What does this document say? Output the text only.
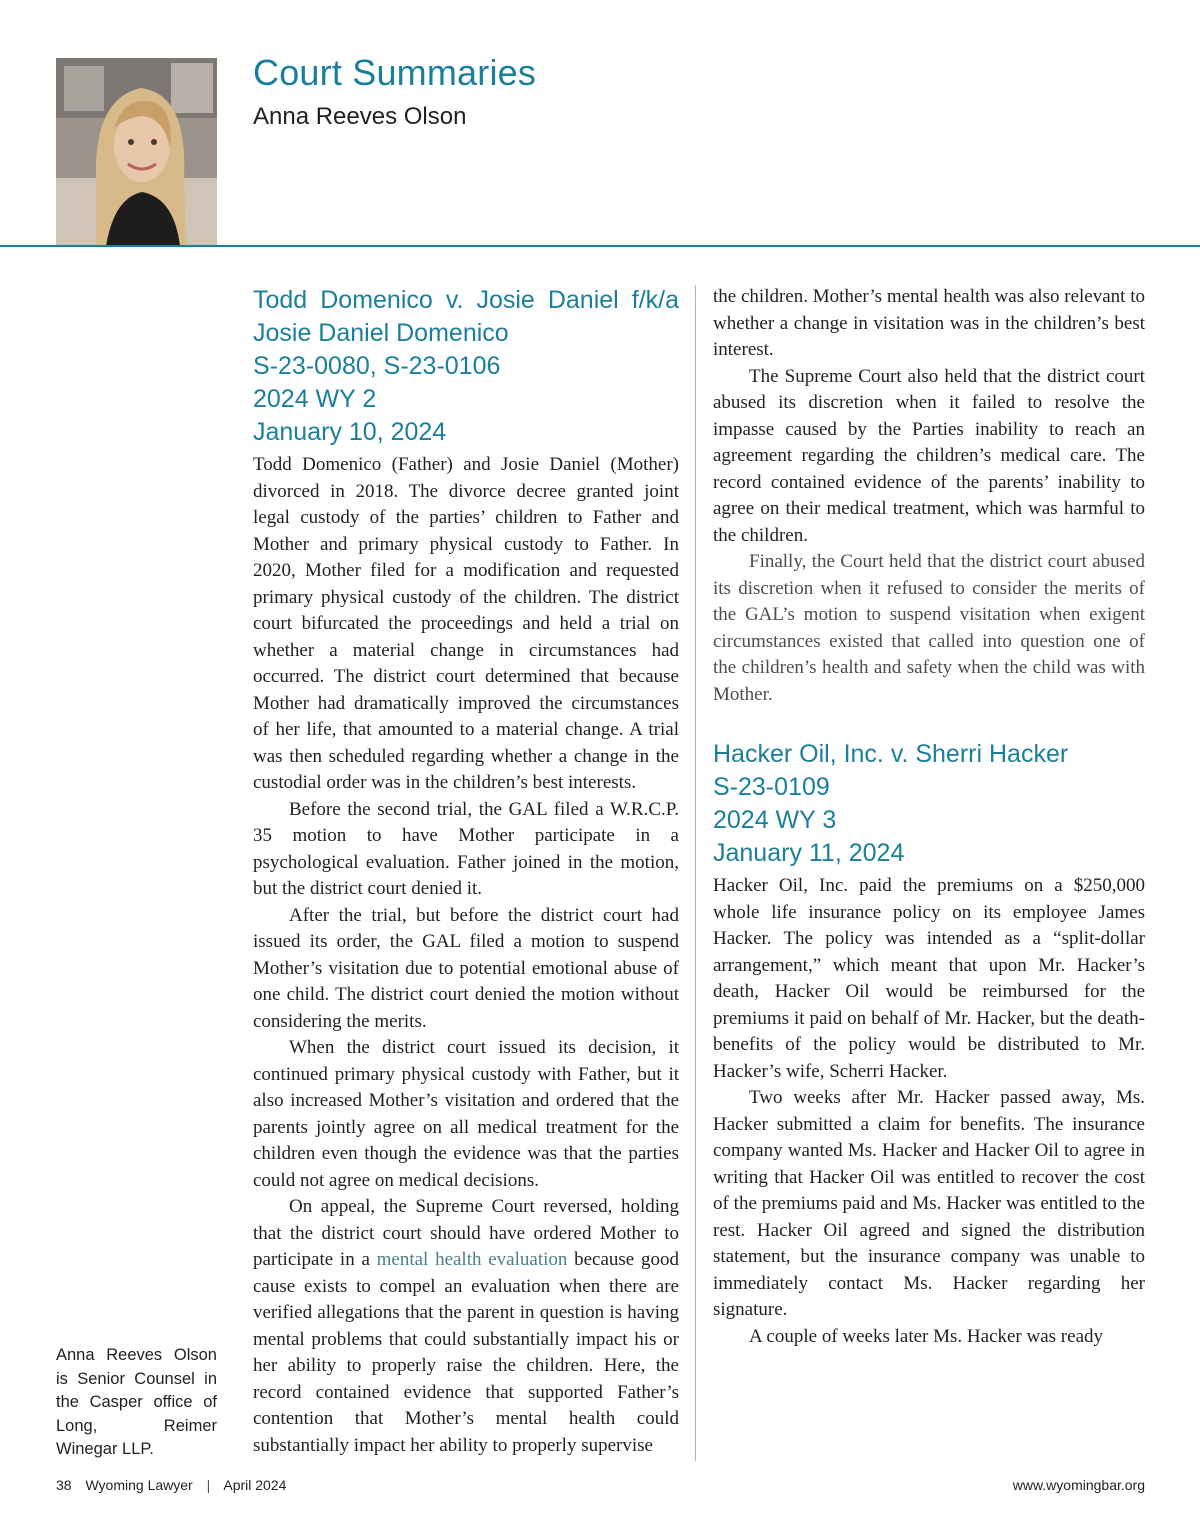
Court Summaries
Anna Reeves Olson
Todd Domenico v. Josie Daniel f/k/a
Josie Daniel Domenico
S-23-0080, S-23-0106
2024 WY 2
January 10, 2024

Todd Domenico (Father) and Josie Daniel (Mother) divorced in 2018. The divorce decree granted joint legal custody of the parties’ children to Father and Mother and primary physical custody to Father. In 2020, Mother filed for a modification and requested primary physical custody of the children. The district court bifurcated the proceedings and held a trial on whether a material change in circumstances had occurred. The district court determined that because Mother had dramatically improved the circumstances of her life, that amounted to a material change. A trial was then scheduled regarding whether a change in the custodial order was in the children’s best interests.

Before the second trial, the GAL filed a W.R.C.P. 35 motion to have Mother participate in a psychological evaluation. Father joined in the motion, but the district court denied it.

After the trial, but before the district court had issued its order, the GAL filed a motion to suspend Mother’s visitation due to potential emotional abuse of one child. The district court denied the motion without considering the merits.

When the district court issued its decision, it continued primary physical custody with Father, but it also increased Mother’s visitation and ordered that the parents jointly agree on all medical treatment for the children even though the evidence was that the parties could not agree on medical decisions.

On appeal, the Supreme Court reversed, holding that the district court should have ordered Mother to participate in a mental health evaluation because good cause exists to compel an evaluation when there are verified allegations that the parent in question is having mental problems that could substantially impact his or her ability to properly raise the children. Here, the record contained evidence that supported Father’s contention that Mother’s mental health could substantially impact her ability to properly supervise

the children. Mother’s mental health was also relevant to whether a change in visitation was in the children’s best interest.

The Supreme Court also held that the district court abused its discretion when it failed to resolve the impasse caused by the Parties inability to reach an agreement regarding the children’s medical care. The record contained evidence of the parents’ inability to agree on their medical treatment, which was harmful to the children.

Finally, the Court held that the district court abused its discretion when it refused to consider the merits of the GAL’s motion to suspend visitation when exigent circumstances existed that called into question one of the children’s health and safety when the child was with Mother.

Hacker Oil, Inc. v. Sherri Hacker
S-23-0109
2024 WY 3
January 11, 2024

Hacker Oil, Inc. paid the premiums on a $250,000 whole life insurance policy on its employee James Hacker. The policy was intended as a “split-dollar arrangement,” which meant that upon Mr. Hacker’s death, Hacker Oil would be reimbursed for the premiums it paid on behalf of Mr. Hacker, but the death-benefits of the policy would be distributed to Mr. Hacker’s wife, Scherri Hacker.

Two weeks after Mr. Hacker passed away, Ms. Hacker submitted a claim for benefits. The insurance company wanted Ms. Hacker and Hacker Oil to agree in writing that Hacker Oil was entitled to recover the cost of the premiums paid and Ms. Hacker was entitled to the rest. Hacker Oil agreed and signed the distribution statement, but the insurance company was unable to immediately contact Ms. Hacker regarding her signature.

A couple of weeks later Ms. Hacker was ready

Anna Reeves Olson is Senior Counsel in the Casper office of Long, Reimer Winegar LLP.
38 Wyoming Lawyer | April 2024	www.wyomingbar.org
